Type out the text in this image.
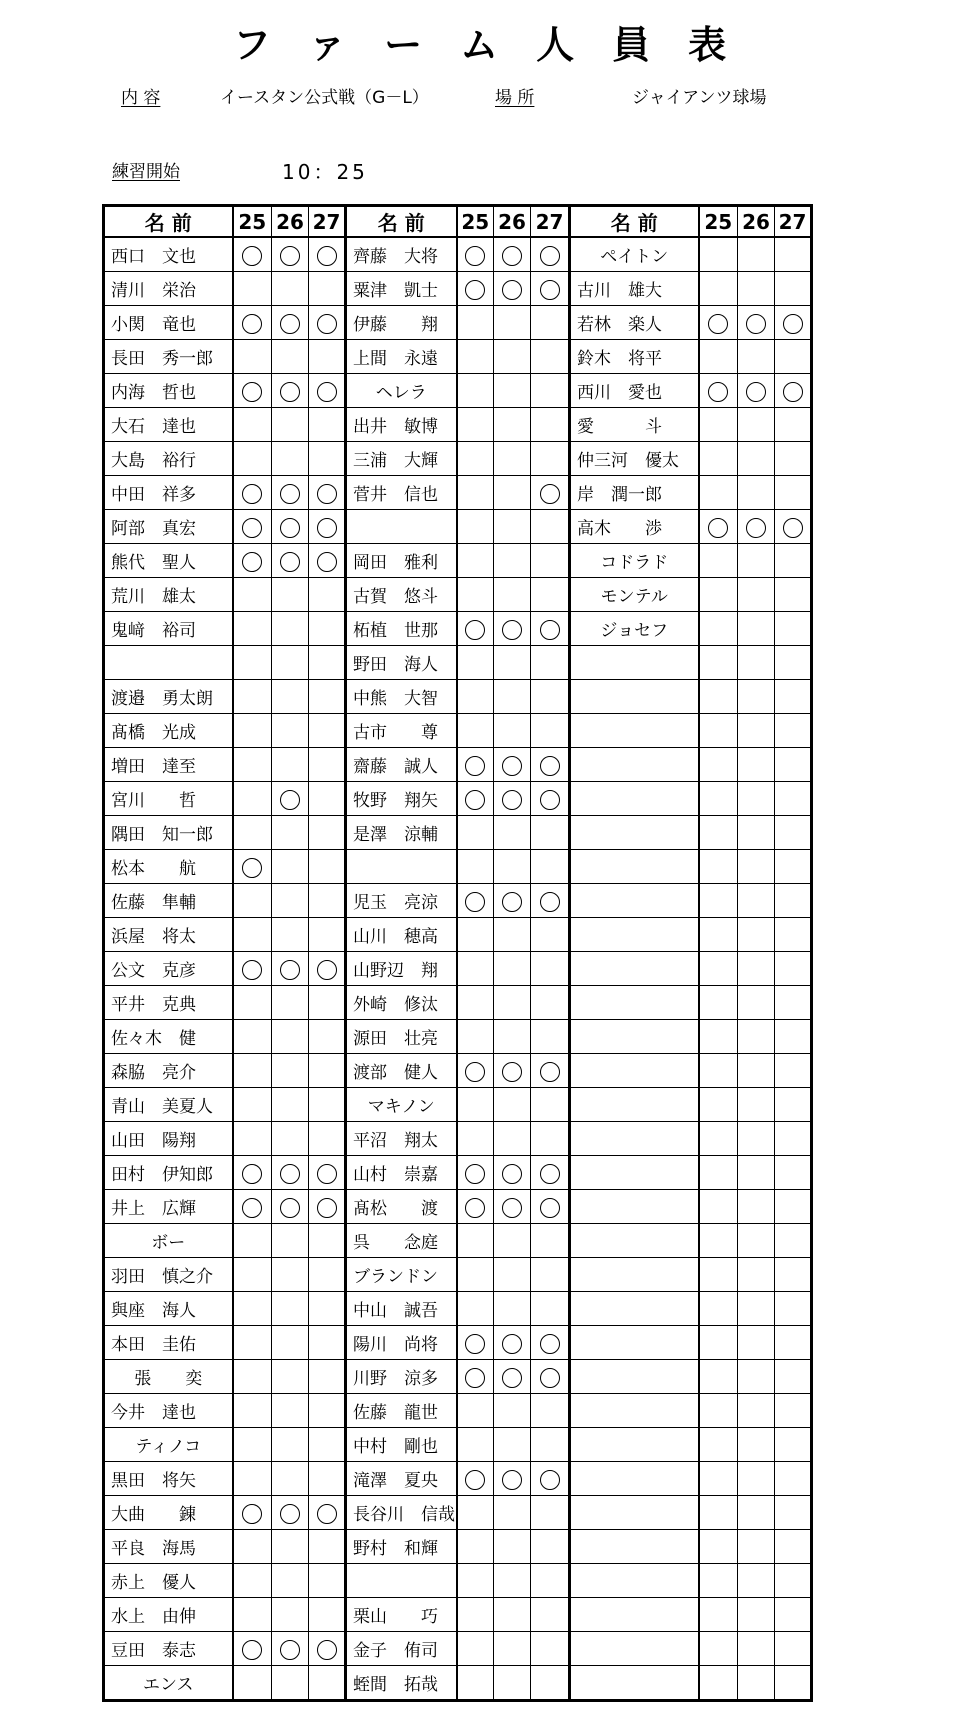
ファーム人員表
内 容	イースタン公式戦（G－L）	場 所	ジャイアンツ球場
練習開始	10：25
名 前	25	26	27	名 前	25	26	27	名 前	25	26	27
西口　文也				齊藤　大将				ペイトン			
清川　栄治				粟津　凱士				古川　雄大			
小関　竜也				伊藤　　翔				若林　楽人			
長田　秀一郎				上間　永遠				鈴木　将平			
内海　哲也				ヘレラ				西川　愛也			
大石　達也				出井　敏博				愛　　　斗			
大島　裕行				三浦　大輝				仲三河　優太			
中田　祥多				菅井　信也				岸　潤一郎			
阿部　真宏								高木　　渉			
熊代　聖人				岡田　雅利				コドラド			
荒川　雄太				古賀　悠斗				モンテル			
鬼﨑　裕司				柘植　世那				ジョセフ			
				野田　海人							
渡邉　勇太朗				中熊　大智							
髙橋　光成				古市　　尊							
増田　達至				齋藤　誠人							
宮川　　哲				牧野　翔矢							
隅田　知一郎				是澤　涼輔							
松本　　航											
佐藤　隼輔				児玉　亮涼							
浜屋　将太				山川　穂高							
公文　克彦				山野辺　翔							
平井　克典				外崎　修汰							
佐々木　健				源田　壮亮							
森脇　亮介				渡部　健人							
青山　美夏人				マキノン							
山田　陽翔				平沼　翔太							
田村　伊知郎				山村　崇嘉							
井上　広輝				髙松　　渡							
ボー				呉　　念庭							
羽田　慎之介				ブランドン							
與座　海人				中山　誠吾							
本田　圭佑				陽川　尚将							
張　　奕				川野　涼多							
今井　達也				佐藤　龍世							
ティノコ				中村　剛也							
黒田　将矢				滝澤　夏央							
大曲　　錬				長谷川　信哉							
平良　海馬				野村　和輝							
赤上　優人											
水上　由伸				栗山　　巧							
豆田　泰志				金子　侑司							
エンス				蛭間　拓哉							
